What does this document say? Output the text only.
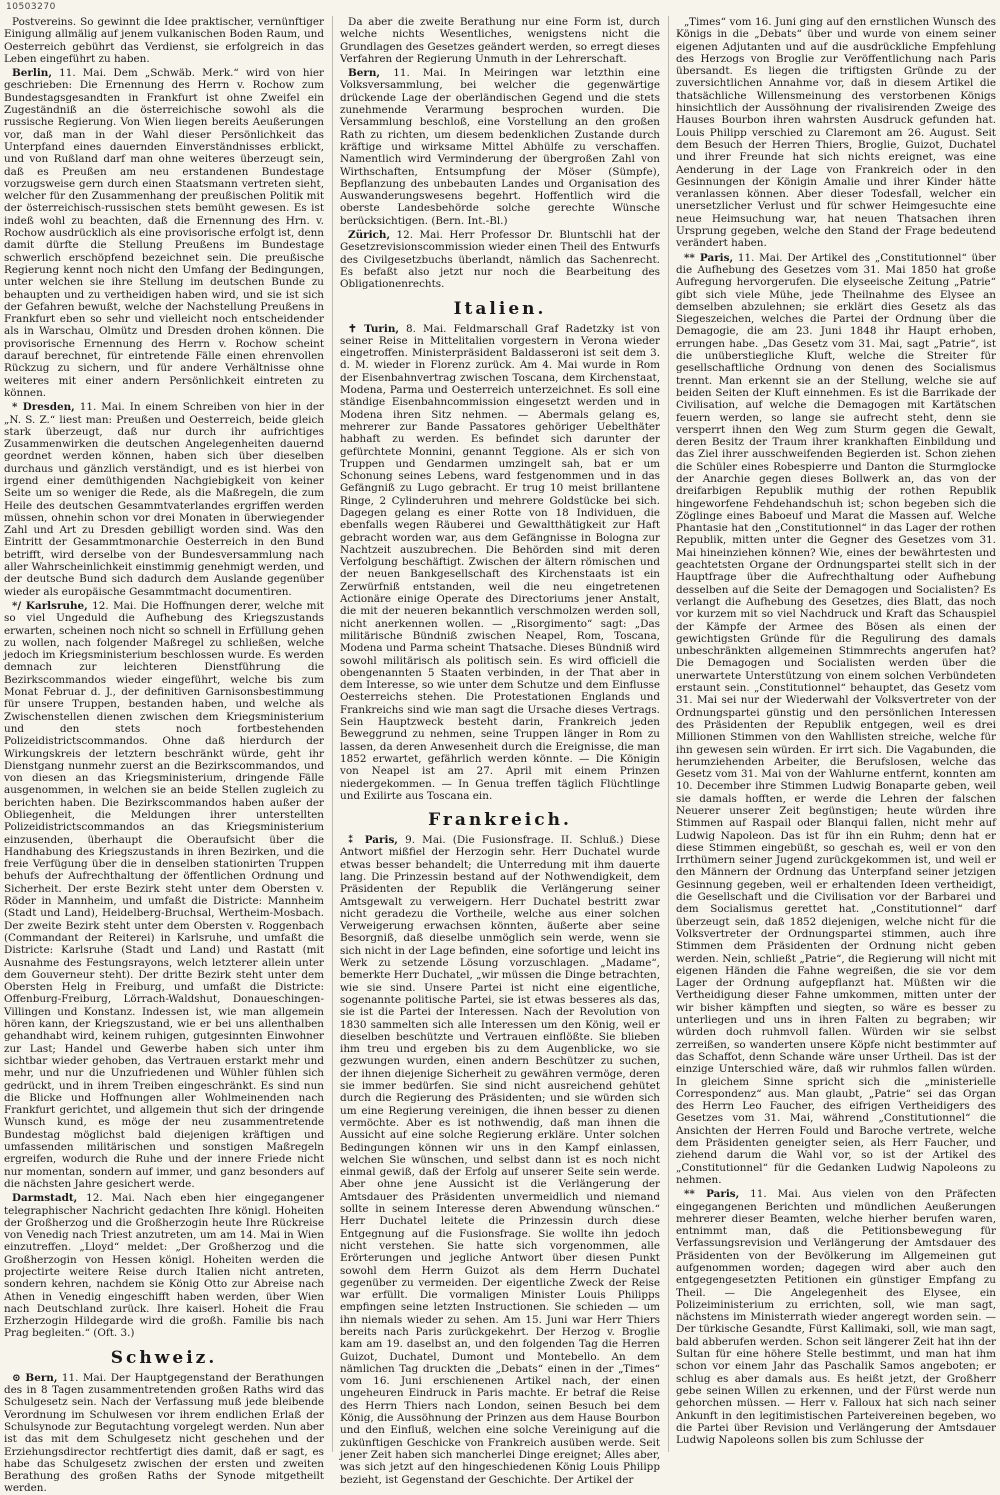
10503270

Postvereins. So gewinnt die Idee praktischer, vernünftiger Einigung allmälig auf jenem vulkanischen Boden Raum, und Oesterreich gebührt das Verdienst, sie erfolgreich in das Leben eingeführt zu haben.

Berlin, 11. Mai. Dem „Schwäb. Merk.“ wird von hier geschrieben: Die Ernennung des Herrn v. Rochow zum Bundestagsgesandten in Frankfurt ist ohne Zweifel ein Zugeständniß an die österreichische sowohl als die russische Regierung. Von Wien liegen bereits Aeußerungen vor, daß man in der Wahl dieser Persönlichkeit das Unterpfand eines dauernden Einverständnisses erblickt, und von Rußland darf man ohne weiteres überzeugt sein, daß es Preußen am neu erstandenen Bundestage vorzugsweise gern durch einen Staatsmann vertreten sieht, welcher für den Zusammenhang der preußischen Politik mit der österreichisch-russischen stets bemüht gewesen. Es ist indeß wohl zu beachten, daß die Ernennung des Hrn. v. Rochow ausdrücklich als eine provisorische erfolgt ist, denn damit dürfte die Stellung Preußens im Bundestage schwerlich erschöpfend bezeichnet sein. Die preußische Regierung kennt noch nicht den Umfang der Bedingungen, unter welchen sie ihre Stellung im deutschen Bunde zu behaupten und zu vertheidigen haben wird, und sie ist sich der Gefahren bewußt, welche der Nachstellung Preußens in Frankfurt eben so sehr und vielleicht noch entscheidender als in Warschau, Olmütz und Dresden drohen können. Die provisorische Ernennung des Herrn v. Rochow scheint darauf berechnet, für eintretende Fälle einen ehrenvollen Rückzug zu sichern, und für andere Verhältnisse ohne weiteres mit einer andern Persönlichkeit eintreten zu können.

* Dresden, 11. Mai. In einem Schreiben von hier in der „N. S. Z.“ liest man: Preußen und Oesterreich, beide gleich stark überzeugt, daß nur durch ihr aufrichtiges Zusammenwirken die deutschen Angelegenheiten dauernd geordnet werden können, haben sich über dieselben durchaus und gänzlich verständigt, und es ist hierbei von irgend einer demüthigenden Nachgiebigkeit von keiner Seite um so weniger die Rede, als die Maßregeln, die zum Heile des deutschen Gesammtvaterlandes ergriffen werden müssen, ohnehin schon vor drei Monaten in überwiegender Zahl und Art zu Dresden gebilligt worden sind. Was den Eintritt der Gesammtmonarchie Oesterreich in den Bund betrifft, wird derselbe von der Bundesversammlung nach aller Wahrscheinlichkeit einstimmig genehmigt werden, und der deutsche Bund sich dadurch dem Auslande gegenüber wieder als europäische Gesammtmacht documentiren.

*/ Karlsruhe, 12. Mai. Die Hoffnungen derer, welche mit so viel Ungeduld die Aufhebung des Kriegszustands erwarten, scheinen noch nicht so schnell in Erfüllung gehen zu wollen, nach folgender Maßregel zu schließen, welche jedoch im Kriegsministerium beschlossen wurde. Es werden demnach zur leichteren Dienstführung die Bezirkscommandos wieder eingeführt, welche bis zum Monat Februar d. J., der definitiven Garnisonsbestimmung für unsere Truppen, bestanden haben, und welche als Zwischenstellen dienen zwischen dem Kriegsministerium und den stets noch fortbestehenden Polizeidistrictscommandos. Ohne daß hierdurch der Wirkungskreis der letztern beschränkt würde, geht ihr Dienstgang nunmehr zuerst an die Bezirkscommandos, und von diesen an das Kriegsministerium, dringende Fälle ausgenommen, in welchen sie an beide Stellen zugleich zu berichten haben. Die Bezirkscommandos haben außer der Obliegenheit, die Meldungen ihrer unterstellten Polizeidistrictscommandos an das Kriegsministerium einzusenden, überhaupt die Oberaufsicht über die Handhabung des Kriegszustands in ihren Bezirken, und die freie Verfügung über die in denselben stationirten Truppen behufs der Aufrechthaltung der öffentlichen Ordnung und Sicherheit. Der erste Bezirk steht unter dem Obersten v. Röder in Mannheim, und umfaßt die Districte: Mannheim (Stadt und Land), Heidelberg-Bruchsal, Wertheim-Mosbach. Der zweite Bezirk steht unter dem Obersten v. Roggenbach (Commandant der Reiterei) in Karlsruhe, und umfaßt die Districte: Karlsruhe (Stadt und Land) und Rastatt (mit Ausnahme des Festungsrayons, welch letzterer allein unter dem Gouverneur steht). Der dritte Bezirk steht unter dem Obersten Helg in Freiburg, und umfaßt die Districte: Offenburg-Freiburg, Lörrach-Waldshut, Donaueschingen-Villingen und Konstanz. Indessen ist, wie man allgemein hören kann, der Kriegszustand, wie er bei uns allenthalben gehandhabt wird, keinem ruhigen, gutgesinnten Einwohner zur Last; Handel und Gewerbe haben sich unter ihm sichtbar wieder gehoben, das Vertrauen erstarkt mehr und mehr, und nur die Unzufriedenen und Wühler fühlen sich gedrückt, und in ihrem Treiben eingeschränkt. Es sind nun die Blicke und Hoffnungen aller Wohlmeinenden nach Frankfurt gerichtet, und allgemein thut sich der dringende Wunsch kund, es möge der neu zusammentretende Bundestag möglichst bald diejenigen kräftigen und umfassenden militärischen und sonstigen Maßregeln ergreifen, wodurch die Ruhe und der innere Friede nicht nur momentan, sondern auf immer, und ganz besonders auf die nächsten Jahre gesichert werde.

Darmstadt, 12. Mai. Nach eben hier eingegangener telegraphischer Nachricht gedachten Ihre königl. Hoheiten der Großherzog und die Großherzogin heute Ihre Rückreise von Venedig nach Triest anzutreten, um am 14. Mai in Wien einzutreffen. „Lloyd“ meldet: „Der Großherzog und die Großherzogin von Hessen königl. Hoheiten werden die projectirte weitere Reise durch Italien nicht antreten, sondern kehren, nachdem sie König Otto zur Abreise nach Athen in Venedig eingeschifft haben werden, über Wien nach Deutschland zurück. Ihre kaiserl. Hoheit die Frau Erzherzogin Hildegarde wird die großh. Familie bis nach Prag begleiten.“ (Oft. 3.)

Schweiz.

⊙ Bern, 11. Mai. Der Hauptgegenstand der Berathungen des in 8 Tagen zusammentretenden großen Raths wird das Schulgesetz sein. Nach der Verfassung muß jede bleibende Verordnung im Schulwesen vor ihrem endlichen Erlaß der Schulsynode zur Begutachtung vorgelegt werden. Nun aber ist das mit dem Schulgesetz nicht geschehen und der Erziehungsdirector rechtfertigt dies damit, daß er sagt, es habe das Schulgesetz zwischen der ersten und zweiten Berathung des großen Raths der Synode mitgetheilt werden.

Da aber die zweite Berathung nur eine Form ist, durch welche nichts Wesentliches, wenigstens nicht die Grundlagen des Gesetzes geändert werden, so erregt dieses Verfahren der Regierung Unmuth in der Lehrerschaft.

Bern, 11. Mai. In Meiringen war letzthin eine Volksversammlung, bei welcher die gegenwärtige drückende Lage der oberländischen Gegend und die stets zunehmende Verarmung besprochen wurden. Die Versammlung beschloß, eine Vorstellung an den großen Rath zu richten, um diesem bedenklichen Zustande durch kräftige und wirksame Mittel Abhülfe zu verschaffen. Namentlich wird Verminderung der übergroßen Zahl von Wirthschaften, Entsumpfung der Möser (Sümpfe), Bepflanzung des unbebauten Landes und Organisation des Auswanderungswesens begehrt. Hoffentlich wird die oberste Landesbehörde solche gerechte Wünsche berücksichtigen. (Bern. Int.-Bl.)

Zürich, 12. Mai. Herr Professor Dr. Bluntschli hat der Gesetzrevisionscommission wieder einen Theil des Entwurfs des Civilgesetzbuchs überlandt, nämlich das Sachenrecht. Es befaßt also jetzt nur noch die Bearbeitung des Obligationenrechts.

Italien.

✝ Turin, 8. Mai. Feldmarschall Graf Radetzky ist von seiner Reise in Mittelitalien vorgestern in Verona wieder eingetroffen. Ministerpräsident Baldasseroni ist seit dem 3. d. M. wieder in Florenz zurück. Am 4. Mai wurde in Rom der Eisenbahnvertrag zwischen Toscana, dem Kirchenstaat, Modena, Parma und Oesterreich unterzeichnet. Es soll eine ständige Eisenbahncommission eingesetzt werden und in Modena ihren Sitz nehmen. — Abermals gelang es, mehrerer zur Bande Passatores gehöriger Uebelthäter habhaft zu werden. Es befindet sich darunter der gefürchtete Monnini, genannt Teggione. Als er sich von Truppen und Gendarmen umzingelt sah, bat er um Schonung seines Lebens, ward festgenommen und in das Gefängniß zu Lugo gebracht. Er trug 10 meist brillantene Ringe, 2 Cylinderuhren und mehrere Goldstücke bei sich. Dagegen gelang es einer Rotte von 18 Individuen, die ebenfalls wegen Räuberei und Gewaltthätigkeit zur Haft gebracht worden war, aus dem Gefängnisse in Bologna zur Nachtzeit auszubrechen. Die Behörden sind mit deren Verfolgung beschäftigt. Zwischen der ältern römischen und der neuen Bankgesellschaft des Kirchenstaats ist ein Zerwürfniß entstanden, weil die neu eingetretenen Actionäre einige Operate des Directoriums jener Anstalt, die mit der neueren bekanntlich verschmolzen werden soll, nicht anerkennen wollen. — „Risorgimento“ sagt: „Das militärische Bündniß zwischen Neapel, Rom, Toscana, Modena und Parma scheint Thatsache. Dieses Bündniß wird sowohl militärisch als politisch sein. Es wird officiell die obengenannten 5 Staaten verbinden, in der That aber in dem Interesse, so wie unter dem Schutze und dem Einflusse Oesterreichs stehen. Die Protestationen Englands und Frankreichs sind wie man sagt die Ursache dieses Vertrags. Sein Hauptzweck besteht darin, Frankreich jeden Beweggrund zu nehmen, seine Truppen länger in Rom zu lassen, da deren Anwesenheit durch die Ereignisse, die man 1852 erwartet, gefährlich werden könnte. — Die Königin von Neapel ist am 27. April mit einem Prinzen niedergekommen. — In Genua treffen täglich Flüchtlinge und Exilirte aus Toscana ein.

Frankreich.

⁑ Paris, 9. Mai. (Die Fusionsfrage. II. Schluß.) Diese Antwort mißfiel der Herzogin sehr. Herr Duchatel wurde etwas besser behandelt; die Unterredung mit ihm dauerte lang. Die Prinzessin bestand auf der Nothwendigkeit, dem Präsidenten der Republik die Verlängerung seiner Amtsgewalt zu verweigern. Herr Duchatel bestritt zwar nicht geradezu die Vortheile, welche aus einer solchen Verweigerung erwachsen könnten, äußerte aber seine Besorgniß, daß dieselbe unmöglich sein werde, wenn sie sich nicht in der Lage befinden, eine sofortige und leicht ins Werk zu setzende Lösung vorzuschlagen. „Madame“, bemerkte Herr Duchatel, „wir müssen die Dinge betrachten, wie sie sind. Unsere Partei ist nicht eine eigentliche, sogenannte politische Partei, sie ist etwas besseres als das, sie ist die Partei der Interessen. Nach der Revolution von 1830 sammelten sich alle Interessen um den König, weil er dieselben beschützte und Vertrauen einflößte. Sie blieben ihm treu und ergeben bis zu dem Augenblicke, wo sie gezwungen wurden, einen andern Beschützer zu suchen, der ihnen diejenige Sicherheit zu gewähren vermöge, deren sie immer bedürfen. Sie sind nicht ausreichend gehütet durch die Regierung des Präsidenten; und sie würden sich um eine Regierung vereinigen, die ihnen besser zu dienen vermöchte. Aber es ist nothwendig, daß man ihnen die Aussicht auf eine solche Regierung erkläre. Unter solchen Bedingungen können wir uns in den Kampf einlassen, welchen Sie wünschen, und selbst dann ist es noch nicht einmal gewiß, daß der Erfolg auf unserer Seite sein werde. Aber ohne jene Aussicht ist die Verlängerung der Amtsdauer des Präsidenten unvermeidlich und niemand sollte in seinem Interesse deren Abwendung wünschen.“ Herr Duchatel leitete die Prinzessin durch diese Entgegnung auf die Fusionsfrage. Sie wollte ihn jedoch nicht verstehen. Sie hatte sich vorgenommen, alle Erörterungen und jegliche Antwort über diesen Punkt sowohl dem Herrn Guizot als dem Herrn Duchatel gegenüber zu vermeiden. Der eigentliche Zweck der Reise war erfüllt. Die vormaligen Minister Louis Philipps empfingen seine letzten Instructionen. Sie schieden — um ihn niemals wieder zu sehen. Am 15. Juni war Herr Thiers bereits nach Paris zurückgekehrt. Der Herzog v. Broglie kam am 19. daselbst an, und den folgenden Tag die Herren Guizot, Duchatel, Dumont und Montebello. An dem nämlichen Tag druckten die „Debats“ einen in der „Times“ vom 16. Juni erschienenen Artikel nach, der einen ungeheuren Eindruck in Paris machte. Er betraf die Reise des Herrn Thiers nach London, seinen Besuch bei dem König, die Aussöhnung der Prinzen aus dem Hause Bourbon und den Einfluß, welchen eine solche Vereinigung auf die zukünftigen Geschicke von Frankreich ausüben werde. Seit jener Zeit haben sich mancherlei Dinge ereignet; Alles aber, was sich jetzt auf den hingeschiedenen König Louis Philipp bezieht, ist Gegenstand der Geschichte. Der Artikel der

„Times“ vom 16. Juni ging auf den ernstlichen Wunsch des Königs in die „Debats“ über und wurde von einem seiner eigenen Adjutanten und auf die ausdrückliche Empfehlung des Herzogs von Broglie zur Veröffentlichung nach Paris übersandt. Es liegen die triftigsten Gründe zu der zuversichtlichen Annahme vor, daß in diesem Artikel die thatsächliche Willensmeinung des verstorbenen Königs hinsichtlich der Aussöhnung der rivalisirenden Zweige des Hauses Bourbon ihren wahrsten Ausdruck gefunden hat. Louis Philipp verschied zu Claremont am 26. August. Seit dem Besuch der Herren Thiers, Broglie, Guizot, Duchatel und ihrer Freunde hat sich nichts ereignet, was eine Aenderung in der Lage von Frankreich oder in den Gesinnungen der Königin Amalie und ihrer Kinder hätte veranlassen können. Aber dieser Todesfall, welcher ein unersetzlicher Verlust und für schwer Heimgesuchte eine neue Heimsuchung war, hat neuen Thatsachen ihren Ursprung gegeben, welche den Stand der Frage bedeutend verändert haben.

** Paris, 11. Mai. Der Artikel des „Constitutionnel“ über die Aufhebung des Gesetzes vom 31. Mai 1850 hat große Aufregung hervorgerufen. Die elyseeische Zeitung „Patrie“ gibt sich viele Mühe, jede Theilnahme des Elysee an demselben abzulehnen; sie erklärt dies Gesetz als das Siegeszeichen, welches die Partei der Ordnung über die Demagogie, die am 23. Juni 1848 ihr Haupt erhoben, errungen habe. „Das Gesetz vom 31. Mai, sagt „Patrie“, ist die unüberstiegliche Kluft, welche die Streiter für gesellschaftliche Ordnung von denen des Socialismus trennt. Man erkennt sie an der Stellung, welche sie auf beiden Seiten der Kluft einnehmen. Es ist die Barrikade der Civilisation, auf welche die Demagogen mit Kartätschen feuern werden, so lange sie aufrecht steht, denn sie versperrt ihnen den Weg zum Sturm gegen die Gewalt, deren Besitz der Traum ihrer krankhaften Einbildung und das Ziel ihrer ausschweifenden Begierden ist. Schon ziehen die Schüler eines Robespierre und Danton die Sturmglocke der Anarchie gegen dieses Bollwerk an, das von der dreifarbigen Republik muthig der rothen Republik hingeworfene Fehdehandschuh ist; schon begeben sich die Zöglinge eines Baboeuf und Marat die Massen auf. Welche Phantasie hat den „Constitutionnel“ in das Lager der rothen Republik, mitten unter die Gegner des Gesetzes vom 31. Mai hineinziehen können? Wie, eines der bewährtesten und geachtetsten Organe der Ordnungspartei stellt sich in der Hauptfrage über die Aufrechthaltung oder Aufhebung desselben auf die Seite der Demagogen und Socialisten? Es verlangt die Aufhebung des Gesetzes, dies Blatt, das noch vor kurzem mit so viel Nachdruck und Kraft das Schauspiel der Kämpfe der Armee des Bösen als einen der gewichtigsten Gründe für die Regulirung des damals unbeschränkten allgemeinen Stimmrechts angerufen hat? Die Demagogen und Socialisten werden über die unerwartete Unterstützung von einem solchen Verbündeten erstaunt sein. „Constitutionnel“ behauptet, das Gesetz vom 31. Mai sei nur der Wiederwahl der Volksvertreter von der Ordnungspartei günstig und den persönlichen Interessen des Präsidenten der Republik entgegen, weil es drei Millionen Stimmen von den Wahllisten streiche, welche für ihn gewesen sein würden. Er irrt sich. Die Vagabunden, die herumziehenden Arbeiter, die Berufslosen, welche das Gesetz vom 31. Mai von der Wahlurne entfernt, konnten am 10. December ihre Stimmen Ludwig Bonaparte geben, weil sie damals hofften, er werde die Lehren der falschen Neuerer unserer Zeit begünstigen; heute würden ihre Stimmen auf Raspail oder Blanqui fallen, nicht mehr auf Ludwig Napoleon. Das ist für ihn ein Ruhm; denn hat er diese Stimmen eingebüßt, so geschah es, weil er von den Irrthümern seiner Jugend zurückgekommen ist, und weil er den Männern der Ordnung das Unterpfand seiner jetzigen Gesinnung gegeben, weil er erhaltenden Ideen vertheidigt, die Gesellschaft und die Civilisation vor der Barbarei und dem Socialismus gerettet hat. „Constitutionnel“ darf überzeugt sein, daß 1852 diejenigen, welche nicht für die Volksvertreter der Ordnungspartei stimmen, auch ihre Stimmen dem Präsidenten der Ordnung nicht geben werden. Nein, schließt „Patrie“, die Regierung will nicht mit eigenen Händen die Fahne wegreißen, die sie vor dem Lager der Ordnung aufgepflanzt hat. Müßten wir die Vertheidigung dieser Fahne umkommen, mitten unter der wir bisher kämpften und siegten, so wäre es besser zu unterliegen und uns in ihren Falten zu begraben; wir würden doch ruhmvoll fallen. Würden wir sie selbst zerreißen, so wanderten unsere Köpfe nicht bestimmter auf das Schaffot, denn Schande wäre unser Urtheil. Das ist der einzige Unterschied wäre, daß wir ruhmlos fallen würden. In gleichem Sinne spricht sich die „ministerielle Correspondenz“ aus. Man glaubt, „Patrie“ sei das Organ des Herrn Leo Faucher, des eifrigen Vertheidigers des Gesetzes vom 31. Mai, während „Constitutionnel“ die Ansichten der Herren Fould und Baroche vertrete, welche dem Präsidenten geneigter seien, als Herr Faucher, und ziehend darum die Wahl vor, so ist der Artikel des „Constitutionnel“ für die Gedanken Ludwig Napoleons zu nehmen.

** Paris, 11. Mai. Aus vielen von den Präfecten eingegangenen Berichten und mündlichen Aeußerungen mehrerer dieser Beamten, welche hierher berufen waren, entnimmt man, daß die Petitionsbewegung für Verfassungsrevision und Verlängerung der Amtsdauer des Präsidenten von der Bevölkerung im Allgemeinen gut aufgenommen worden; dagegen wird aber auch den entgegengesetzten Petitionen ein günstiger Empfang zu Theil. — Die Angelegenheit des Elysee, ein Polizeiministerium zu errichten, soll, wie man sagt, nächstens im Ministerrath wieder angeregt worden sein. — Der türkische Gesandte, Fürst Kallimaki, soll, wie man sagt, bald abberufen werden. Schon seit längerer Zeit hat ihn der Sultan für eine höhere Stelle bestimmt, und man hat ihm schon vor einem Jahr das Paschalik Samos angeboten; er schlug es aber damals aus. Es heißt jetzt, der Großherr gebe seinen Willen zu erkennen, und der Fürst werde nun gehorchen müssen. — Herr v. Falloux hat sich nach seiner Ankunft in den legitimistischen Parteivereinen begeben, wo die Partei über Revision und Verlängerung der Amtsdauer Ludwig Napoleons sollen bis zum Schlusse der
